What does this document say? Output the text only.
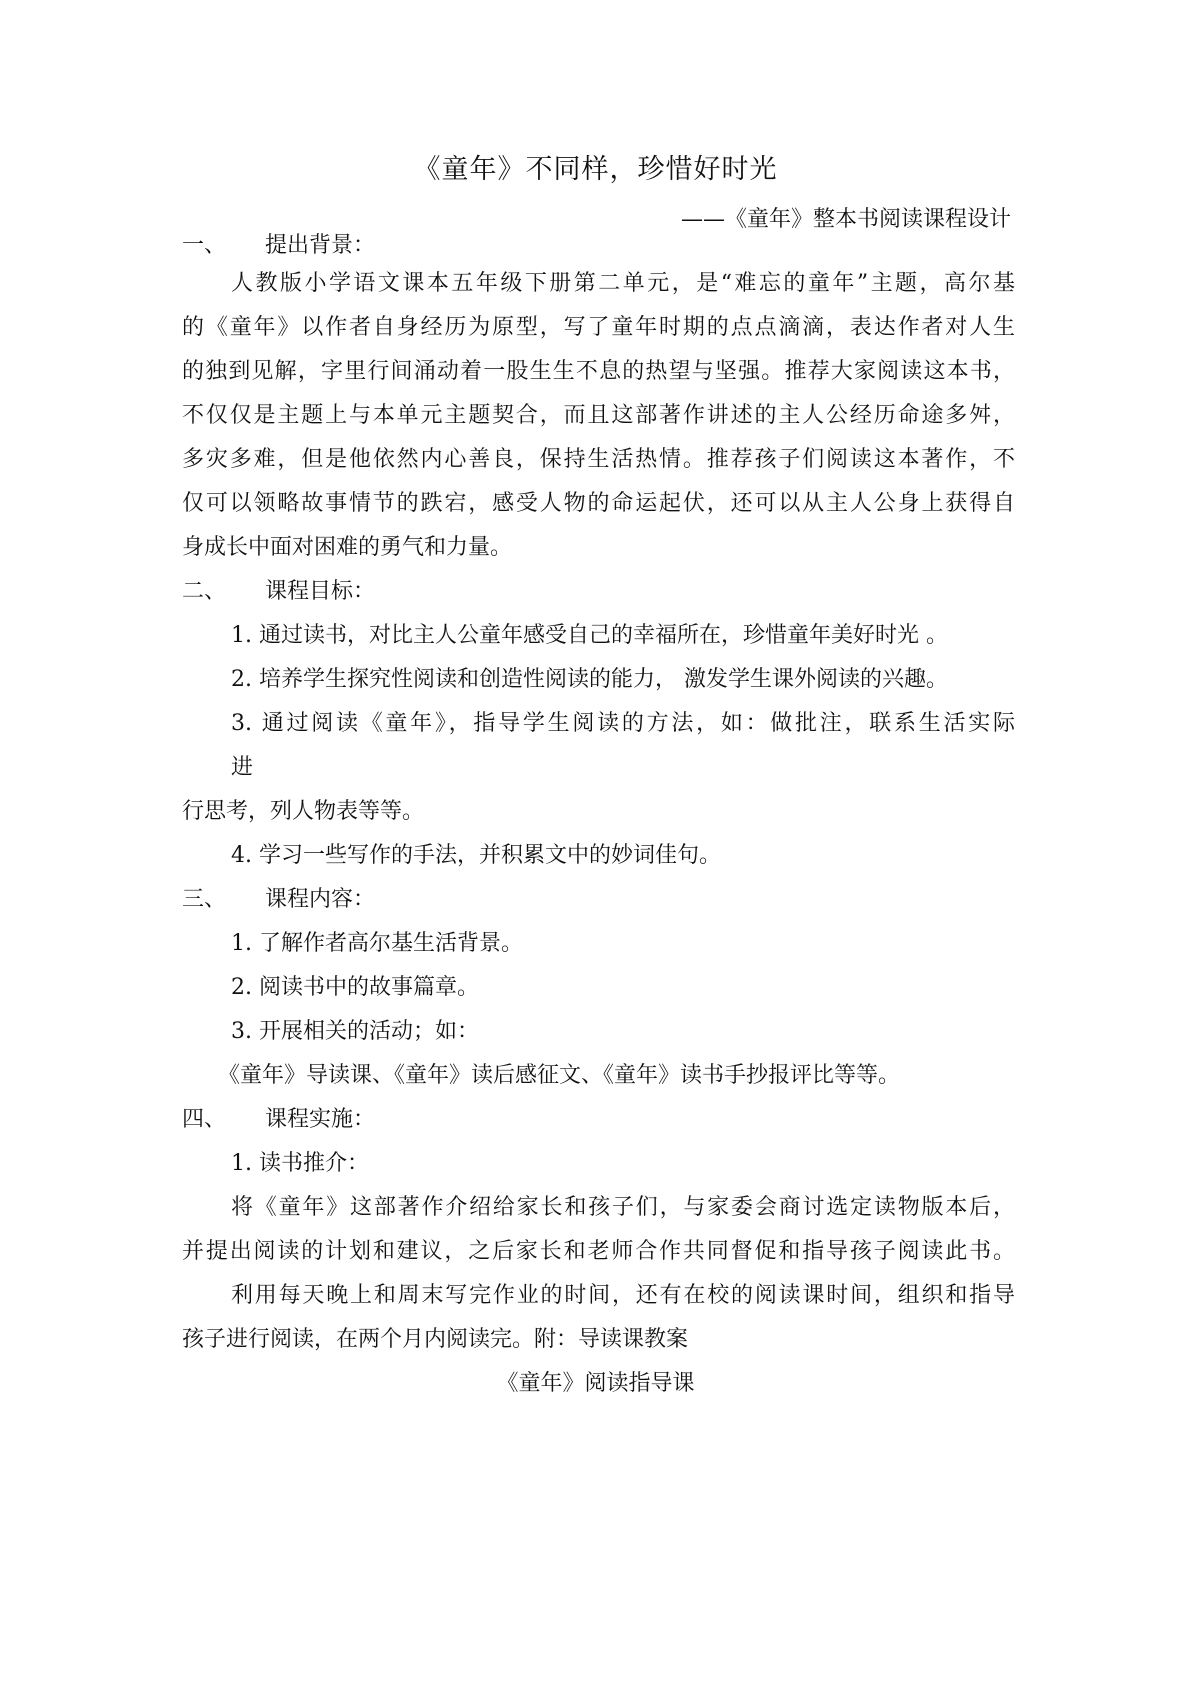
《童年》不同样，珍惜好时光
——《童年》整本书阅读课程设计
一、 提出背景：
人教版小学语文课本五年级下册第二单元，是“难忘的童年”主题，高尔基
的《童年》以作者自身经历为原型，写了童年时期的点点滴滴，表达作者对人生
的独到见解，字里行间涌动着一股生生不息的热望与坚强。推荐大家阅读这本书，
不仅仅是主题上与本单元主题契合，而且这部著作讲述的主人公经历命途多舛，
多灾多难，但是他依然内心善良，保持生活热情。推荐孩子们阅读这本著作，不
仅可以领略故事情节的跌宕，感受人物的命运起伏，还可以从主人公身上获得自
身成长中面对困难的勇气和力量。
二、 课程目标：
1. 通过读书，对比主人公童年感受自己的幸福所在，珍惜童年美好时光 。
2. 培养学生探究性阅读和创造性阅读的能力， 激发学生课外阅读的兴趣。
3. 通过阅读《童年》，指导学生阅读的方法，如：做批注，联系生活实际
进
行思考，列人物表等等。
4. 学习一些写作的手法，并积累文中的妙词佳句。
三、 课程内容：
1. 了解作者高尔基生活背景。
2. 阅读书中的故事篇章。
3. 开展相关的活动；如：
《童年》导读课、《童年》读后感征文、《童年》读书手抄报评比等等。
四、 课程实施：
1. 读书推介：
将《童年》这部著作介绍给家长和孩子们，与家委会商讨选定读物版本后，
并提出阅读的计划和建议，之后家长和老师合作共同督促和指导孩子阅读此书。
利用每天晚上和周末写完作业的时间，还有在校的阅读课时间，组织和指导
孩子进行阅读，在两个月内阅读完。附：导读课教案
《童年》阅读指导课
